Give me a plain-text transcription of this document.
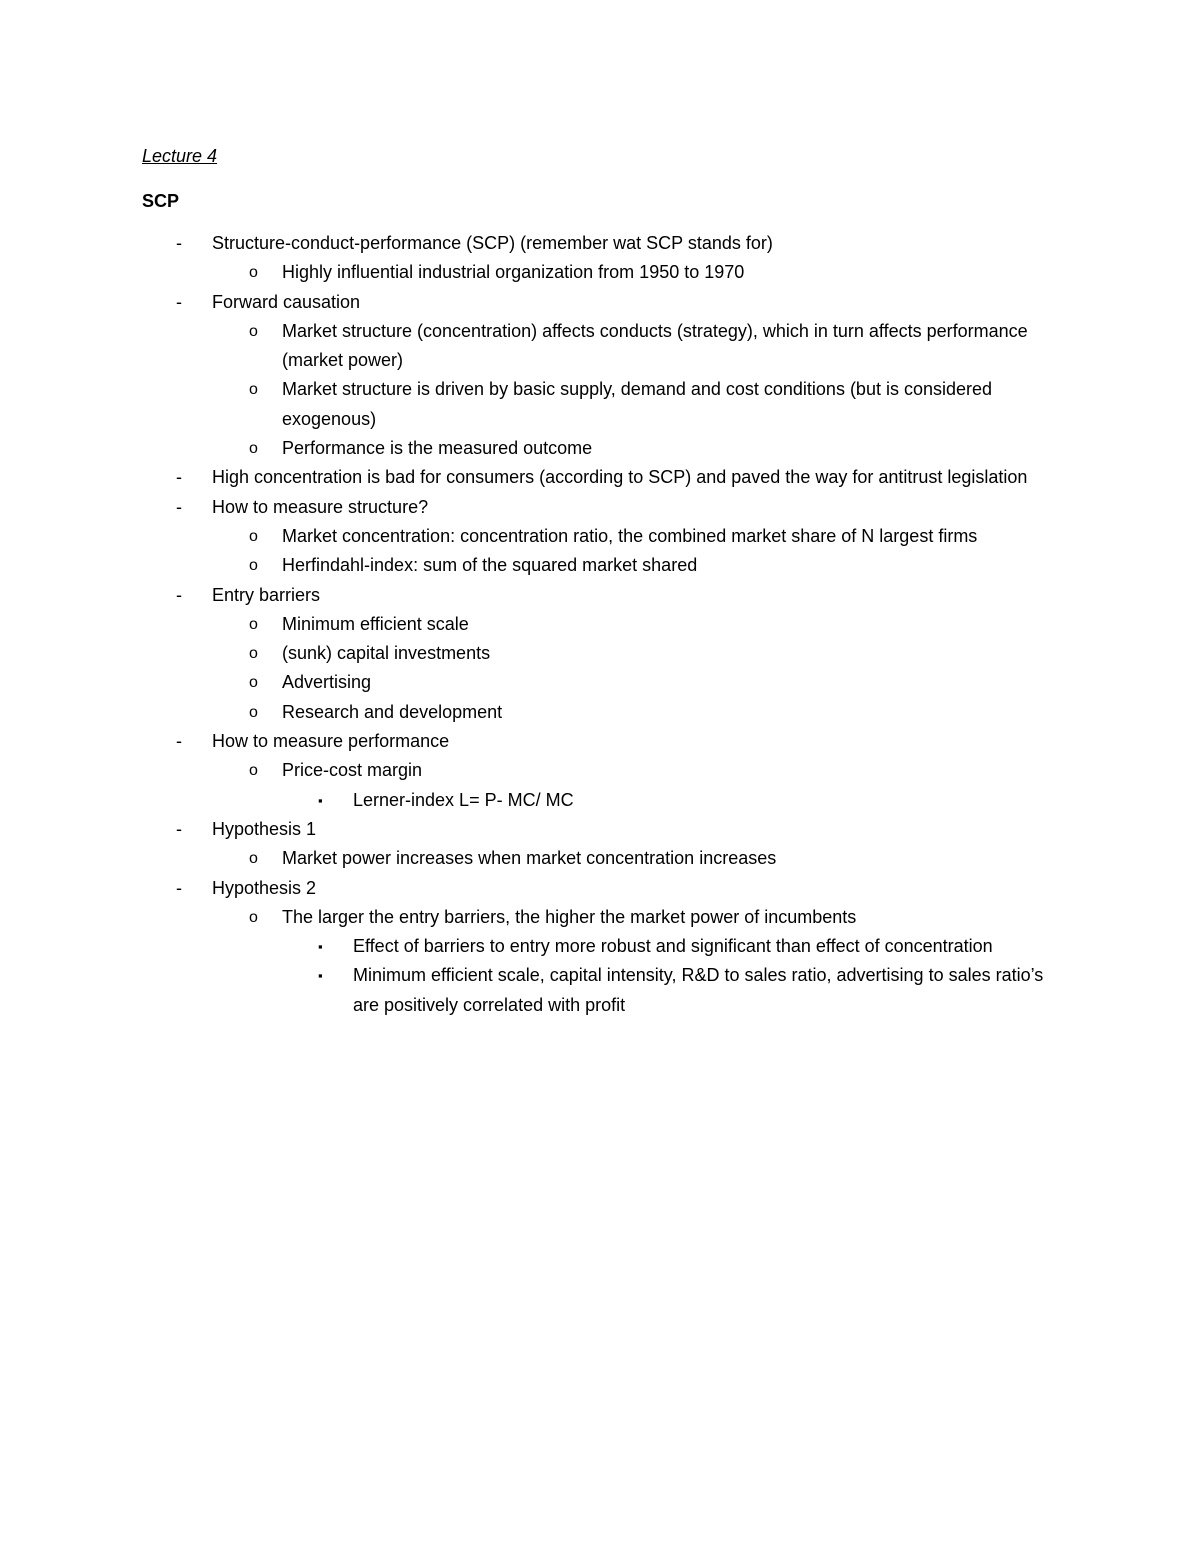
Lecture 4
SCP
- Structure-conduct-performance (SCP) (remember wat SCP stands for)
o Highly influential industrial organization from 1950 to 1970
- Forward causation
o Market structure (concentration) affects conducts (strategy), which in turn affects performance (market power)
o Market structure is driven by basic supply, demand and cost conditions (but is considered exogenous)
o Performance is the measured outcome
- High concentration is bad for consumers (according to SCP) and paved the way for antitrust legislation
- How to measure structure?
o Market concentration: concentration ratio, the combined market share of N largest firms
o Herfindahl-index: sum of the squared market shared
- Entry barriers
o Minimum efficient scale
o (sunk) capital investments
o Advertising
o Research and development
- How to measure performance
o Price-cost margin
▪ Lerner-index L= P- MC/ MC
- Hypothesis 1
o Market power increases when market concentration increases
- Hypothesis 2
o The larger the entry barriers, the higher the market power of incumbents
▪ Effect of barriers to entry more robust and significant than effect of concentration
▪ Minimum efficient scale, capital intensity, R&D to sales ratio, advertising to sales ratio’s are positively correlated with profit
